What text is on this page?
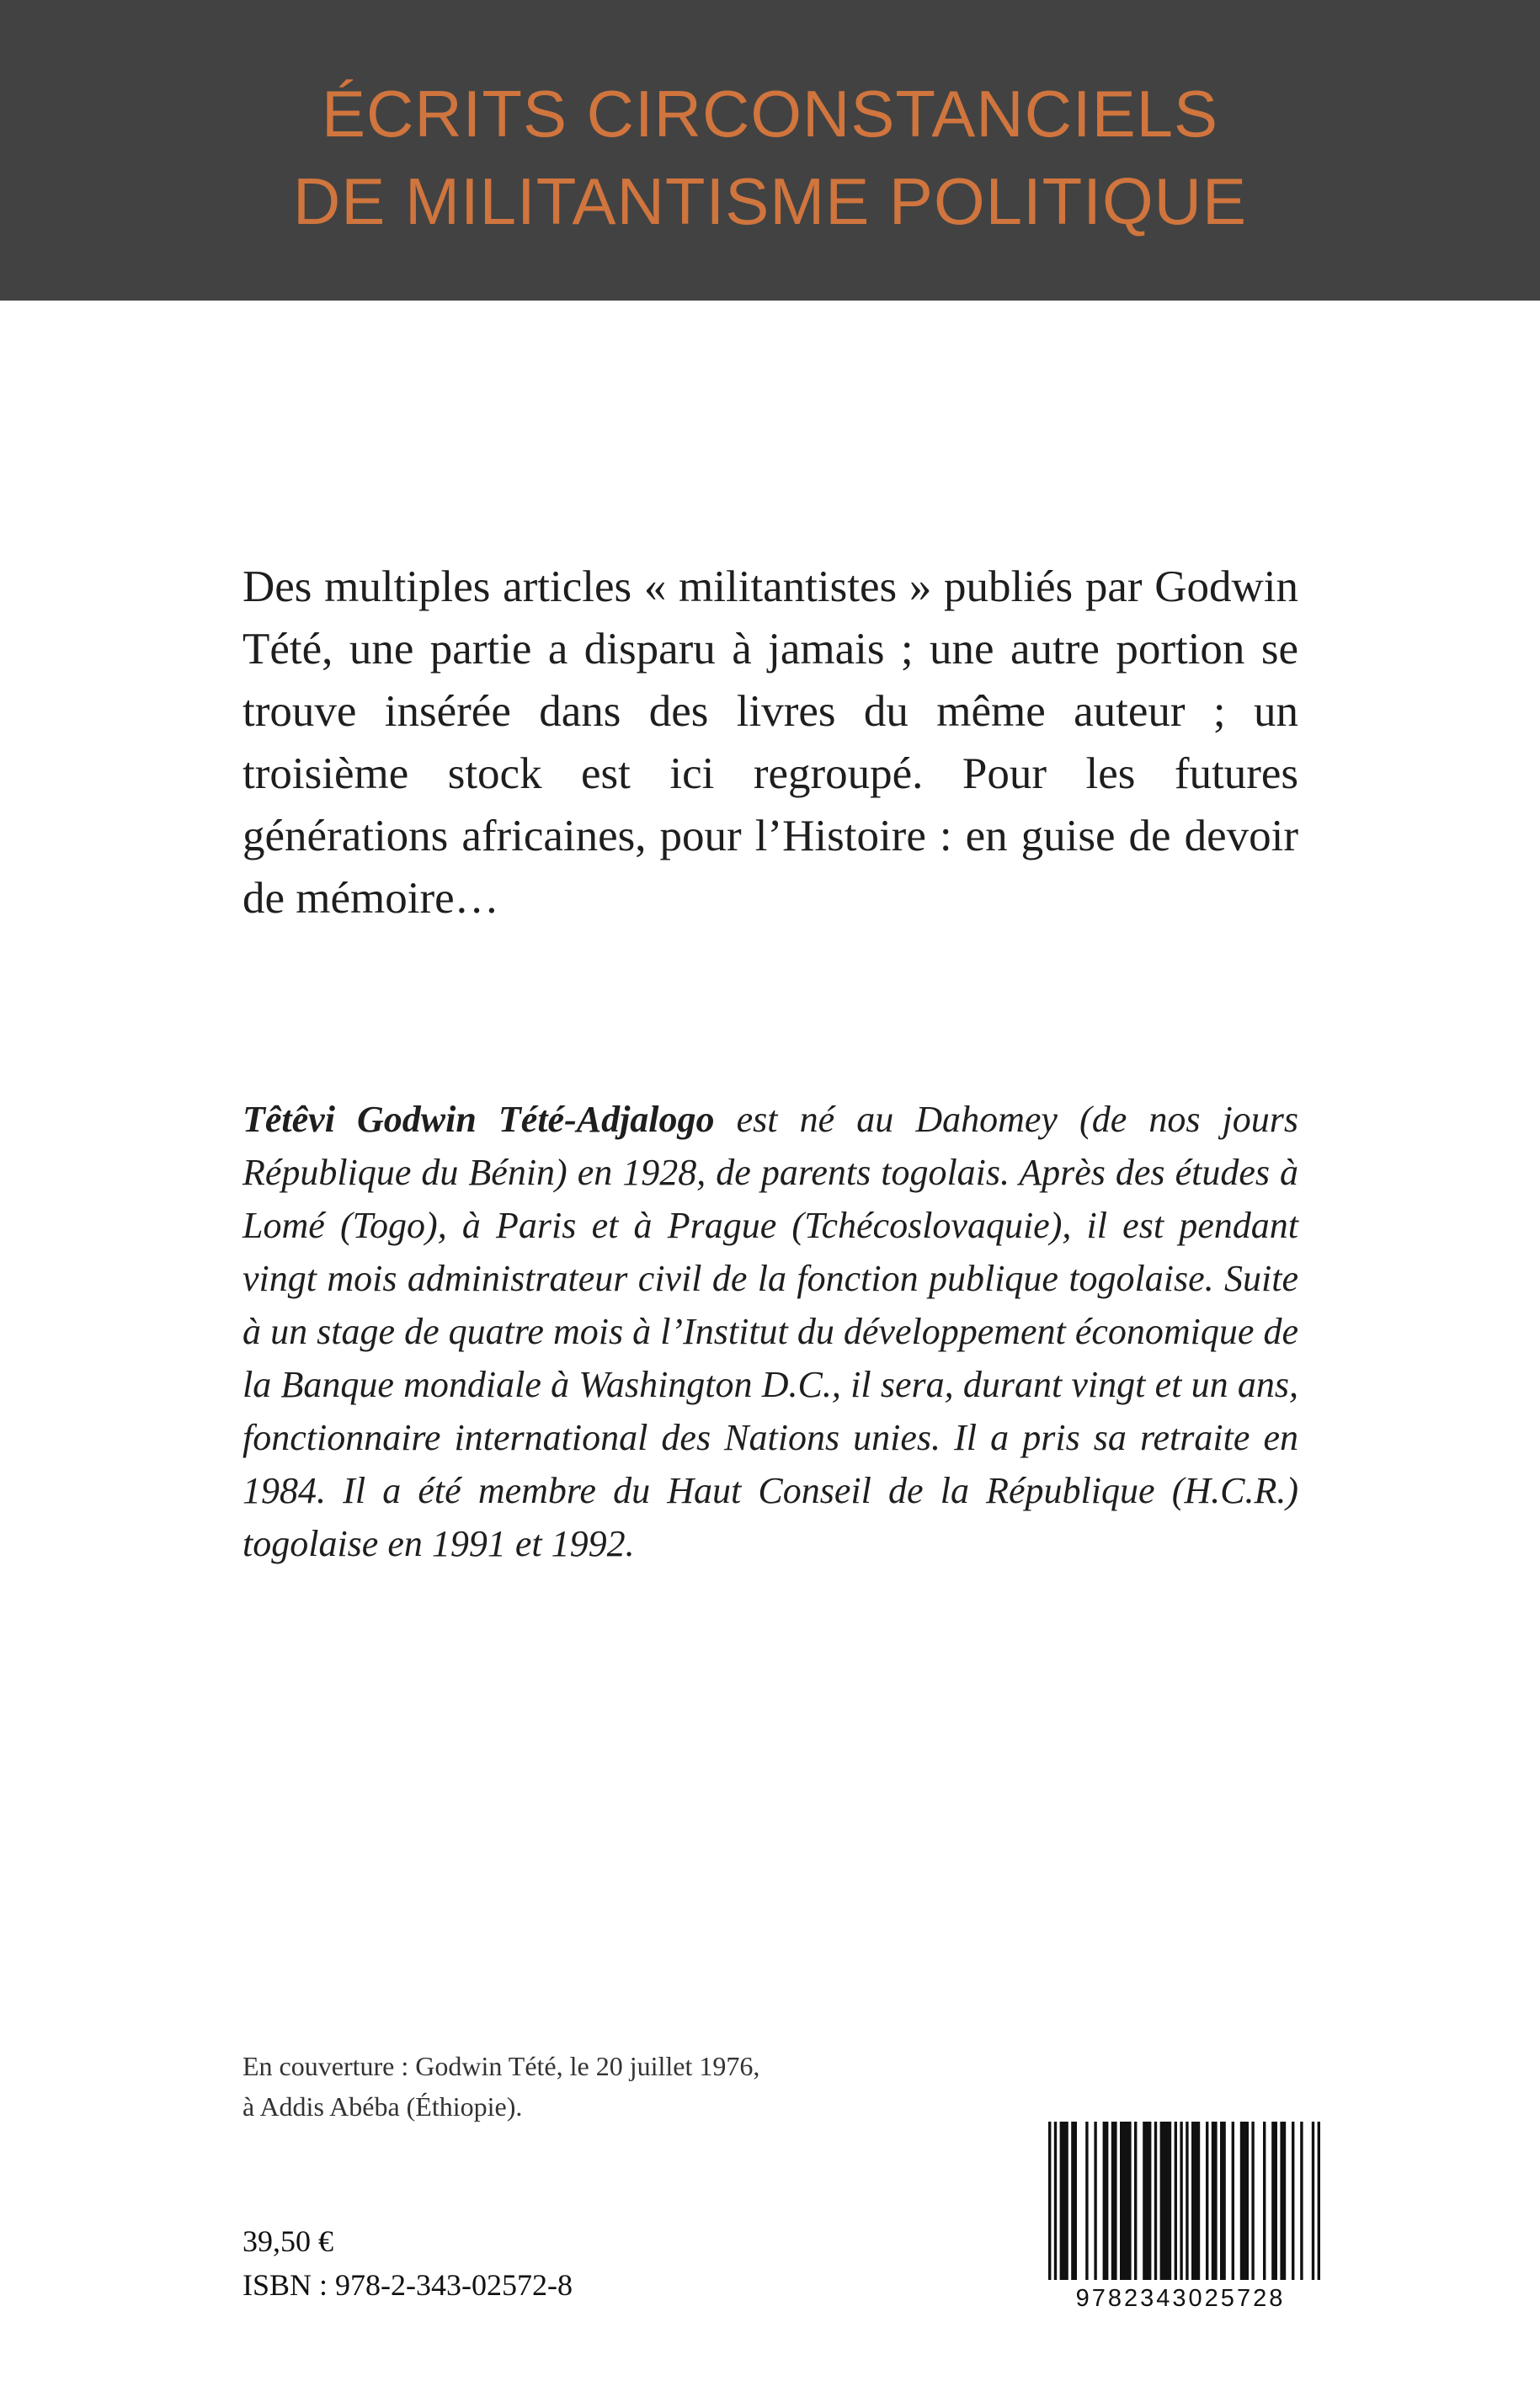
ÉCRITS CIRCONSTANCIELS
DE MILITANTISME POLITIQUE

Des multiples articles « militantistes » publiés par Godwin Tété, une partie a disparu à jamais ; une autre portion se trouve insérée dans des livres du même auteur ; un troisième stock est ici regroupé. Pour les futures générations africaines, pour l’Histoire : en guise de devoir de mémoire…

Têtêvi Godwin Tété-Adjalogo est né au Dahomey (de nos jours République du Bénin) en 1928, de parents togolais. Après des études à Lomé (Togo), à Paris et à Prague (Tchécoslovaquie), il est pendant vingt mois administrateur civil de la fonction publique togolaise. Suite à un stage de quatre mois à l’Institut du développement économique de la Banque mondiale à Washington D.C., il sera, durant vingt et un ans, fonctionnaire international des Nations unies. Il a pris sa retraite en 1984. Il a été membre du Haut Conseil de la République (H.C.R.) togolaise en 1991 et 1992.

En couverture : Godwin Tété, le 20 juillet 1976,
à Addis Abéba (Éthiopie).
39,50 €
ISBN : 978-2-343-02572-8	9782343025728
